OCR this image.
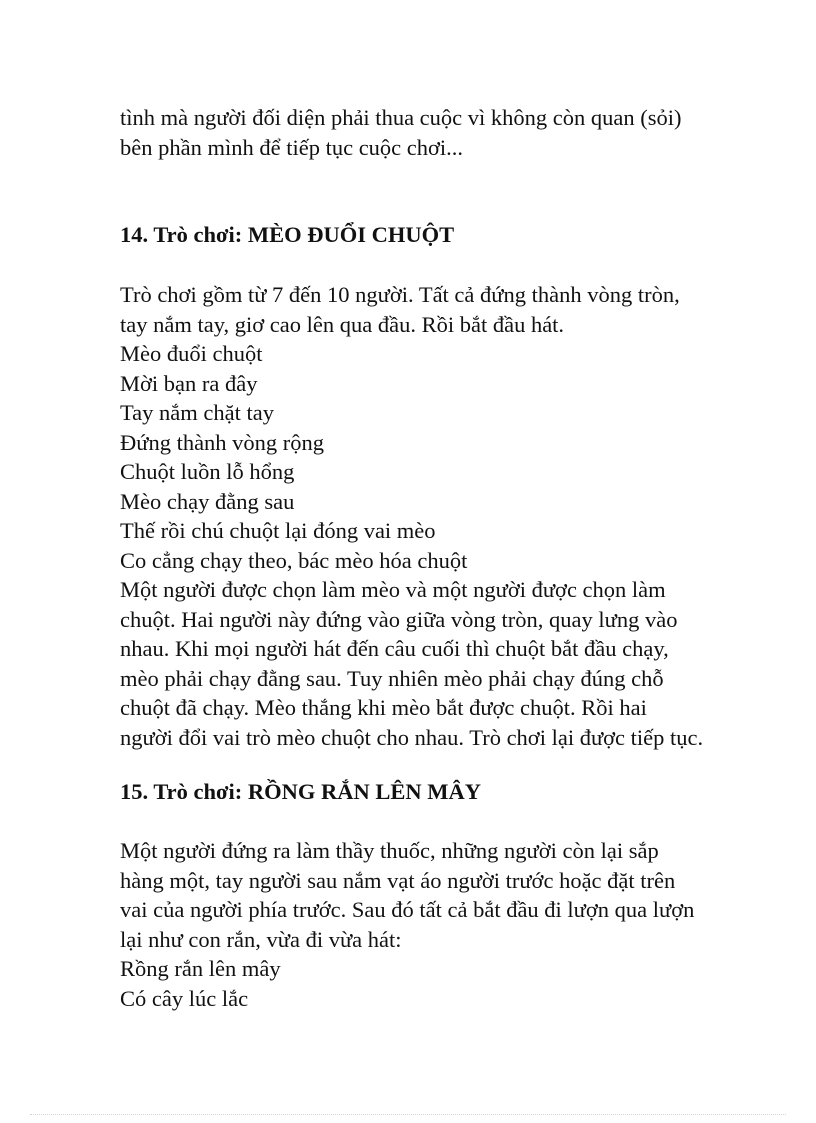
tình mà người đối diện phải thua cuộc vì không còn quan (sỏi)
bên phần mình để tiếp tục cuộc chơi...
14. Trò chơi: MÈO ĐUỔI CHUỘT
Trò chơi gồm từ 7 đến 10 người. Tất cả đứng thành vòng tròn,
tay nắm tay, giơ cao lên qua đầu. Rồi bắt đầu hát.
Mèo đuổi chuột
Mời bạn ra đây
Tay nắm chặt tay
Đứng thành vòng rộng
Chuột luồn lỗ hổng
Mèo chạy đằng sau
Thế rồi chú chuột lại đóng vai mèo
Co cẳng chạy theo, bác mèo hóa chuột
Một người được chọn làm mèo và một người được chọn làm
chuột. Hai người này đứng vào giữa vòng tròn, quay lưng vào
nhau. Khi mọi người hát đến câu cuối thì chuột bắt đầu chạy,
mèo phải chạy đằng sau. Tuy nhiên mèo phải chạy đúng chỗ
chuột đã chạy. Mèo thắng khi mèo bắt được chuột. Rồi hai
người đổi vai trò mèo chuột cho nhau. Trò chơi lại được tiếp tục.
15. Trò chơi: RỒNG RẮN LÊN MÂY
Một người đứng ra làm thầy thuốc, những người còn lại sắp
hàng một, tay người sau nắm vạt áo người trước hoặc đặt trên
vai của người phía trước. Sau đó tất cả bắt đầu đi lượn qua lượn
lại như con rắn, vừa đi vừa hát:
Rồng rắn lên mây
Có cây lúc lắc
